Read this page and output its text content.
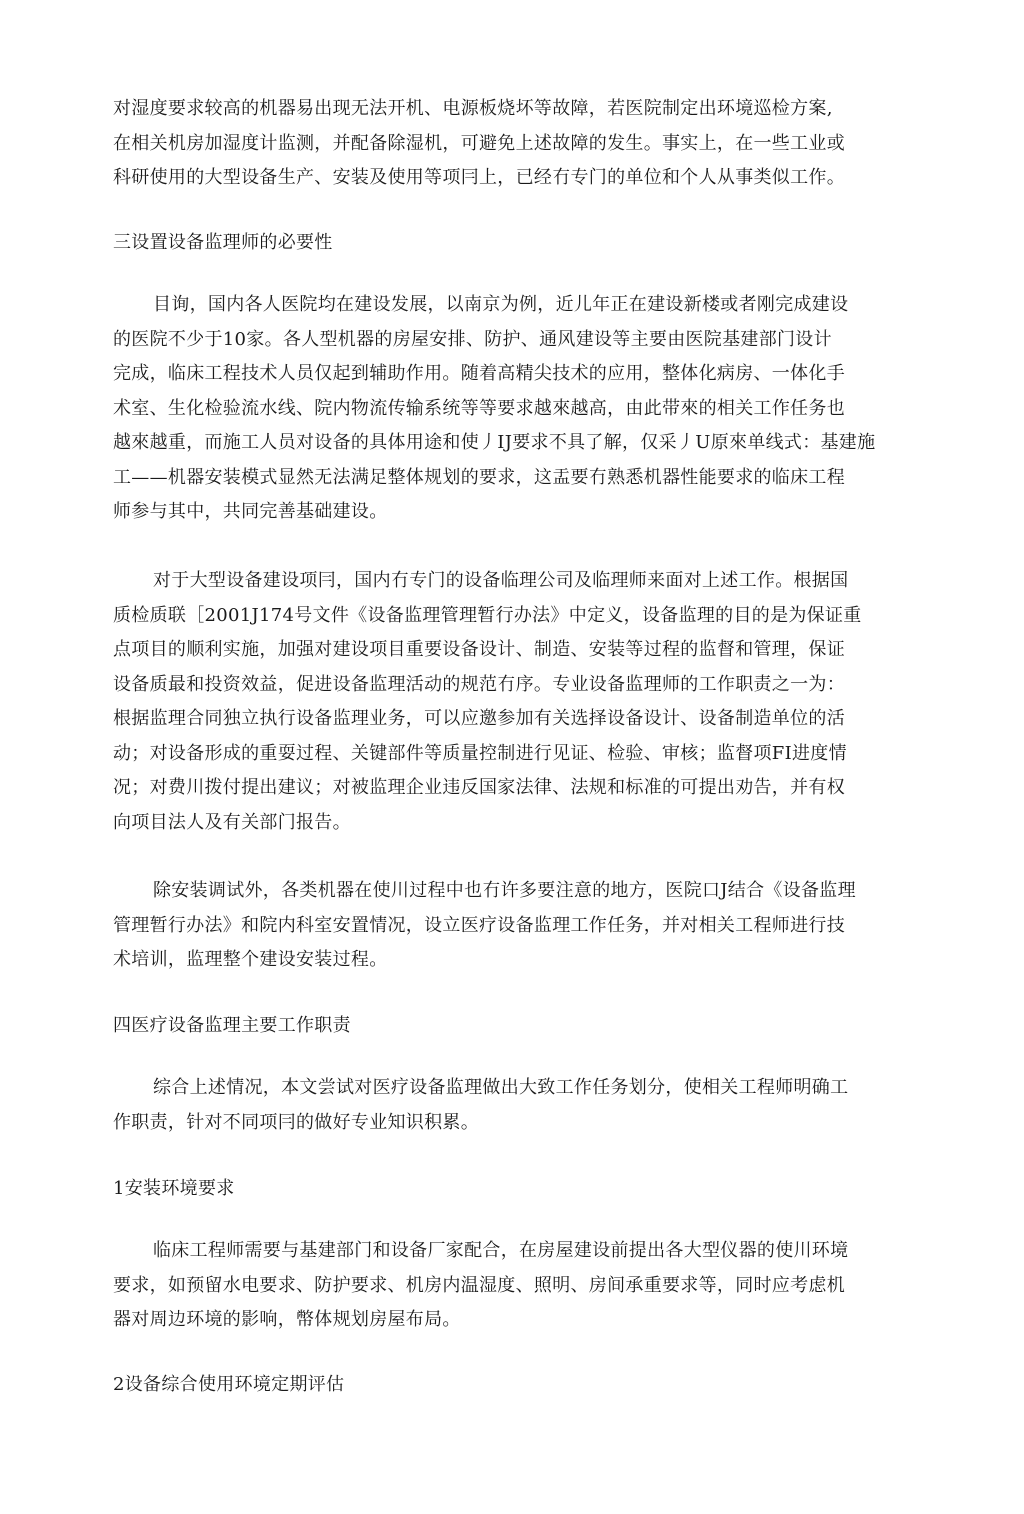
对湿度要求较高的机器易出现无法开机、电源板烧坏等故障，若医院制定出环境巡检方案,
在相关机房加湿度计监测，并配备除湿机，可避免上述故障的发生。事实上，在一些工业或
科研使用的大型设备生产、安装及使用等项冃上，已经冇专门的单位和个人从事类似工作。

三设置设备监理师的必要性

目询，国内各人医院均在建设发展，以南京为例，近儿年正在建设新楼或者刚完成建设
的医院不少于10家。各人型机器的房屋安排、防护、通风建设等主要由医院基建部门设计
完成，临床工程技术人员仅起到辅助作用。随着高精尖技术的应用，整体化病房、一体化手
术室、生化检验流水线、院内物流传输系统等等要求越來越高，由此带來的相关工作任务也
越來越重，而施工人员对设备的具体用途和使丿IJ要求不具了解，仅采丿U原來单线式：基建施
工——机器安装模式显然无法满足整体规划的要求，这盂要冇熟悉机器性能要求的临床工程
师参与其中，共同完善基础建设。

对于大型设备建设项冃，国内冇专门的设备临理公司及临理师来面对上述工作。根据国
质检质联［2001J174号文件《设备监理管理暂行办法》中定义，设备监理的目的是为保证重
点项目的顺利实施，加强对建设项目重要设备设计、制造、安装等过程的监督和管理，保证
设备质最和投资效益，促进设备监理活动的规范冇序。专业设备监理师的工作职责之一为：
根据监理合同独立执行设备监理业务，可以应邀参加有关选择设备设计、设备制造单位的活
动；对设备形成的重耍过程、关键部件等质量控制进行见证、检验、审核；监督项FI进度情
况；对费川拨付提出建议；对被监理企业违反国家法律、法规和标准的可提出劝告，并有权
向项目法人及有关部门报告。

除安装调试外，各类机器在使川过程中也冇许多要注意的地方，医院口J结合《设备监理
管理暂行办法》和院内科室安置情况，设立医疗设备监理工作任务，并对相关工程师进行技
术培训，监理整个建设安装过程。

四医疗设备监理主要工作职责

综合上述情况，本文尝试对医疗设备监理做出大致工作任务划分，使相关工程师明确工
作职责，针对不同项冃的做好专业知识积累。

1安装环境要求

临床工程师需要与基建部门和设备厂家配合，在房屋建设前提出各大型仪器的使川环境
要求，如预留水电要求、防护要求、机房内温湿度、照明、房间承重要求等，同时应考虑机
器对周边环境的影响，幣体规划房屋布局。

2设备综合使用环境定期评估
